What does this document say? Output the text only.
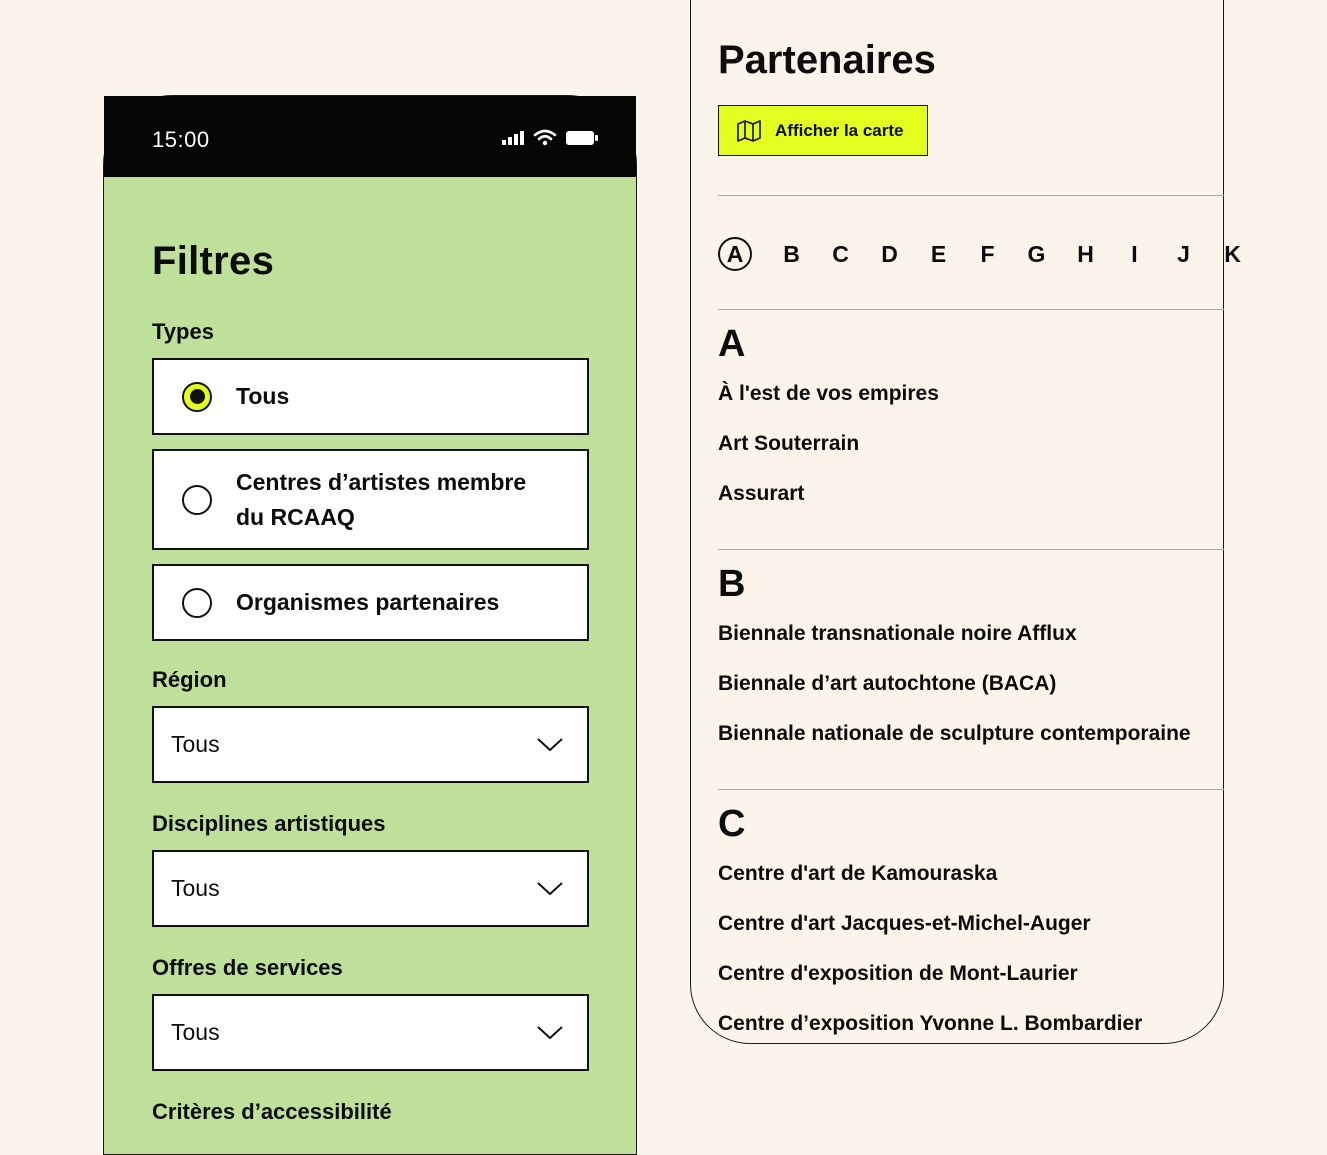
15:00
Filtres
Types
Tous
Centres d’artistes membre du RCAAQ
Organismes partenaires
Région
Tous
Disciplines artistiques
Tous
Offres de services
Tous
Critères d’accessibilité
Partenaires
Afficher la carte
A	B	C	D	E	F	G	H	I	J	K
A
À l'est de vos empires
Art Souterrain
Assurart
B
Biennale transnationale noire Afflux
Biennale d’art autochtone (BACA)
Biennale nationale de sculpture contemporaine
C
Centre d'art de Kamouraska
Centre d'art Jacques-et-Michel-Auger
Centre d'exposition de Mont-Laurier
Centre d’exposition Yvonne L. Bombardier
